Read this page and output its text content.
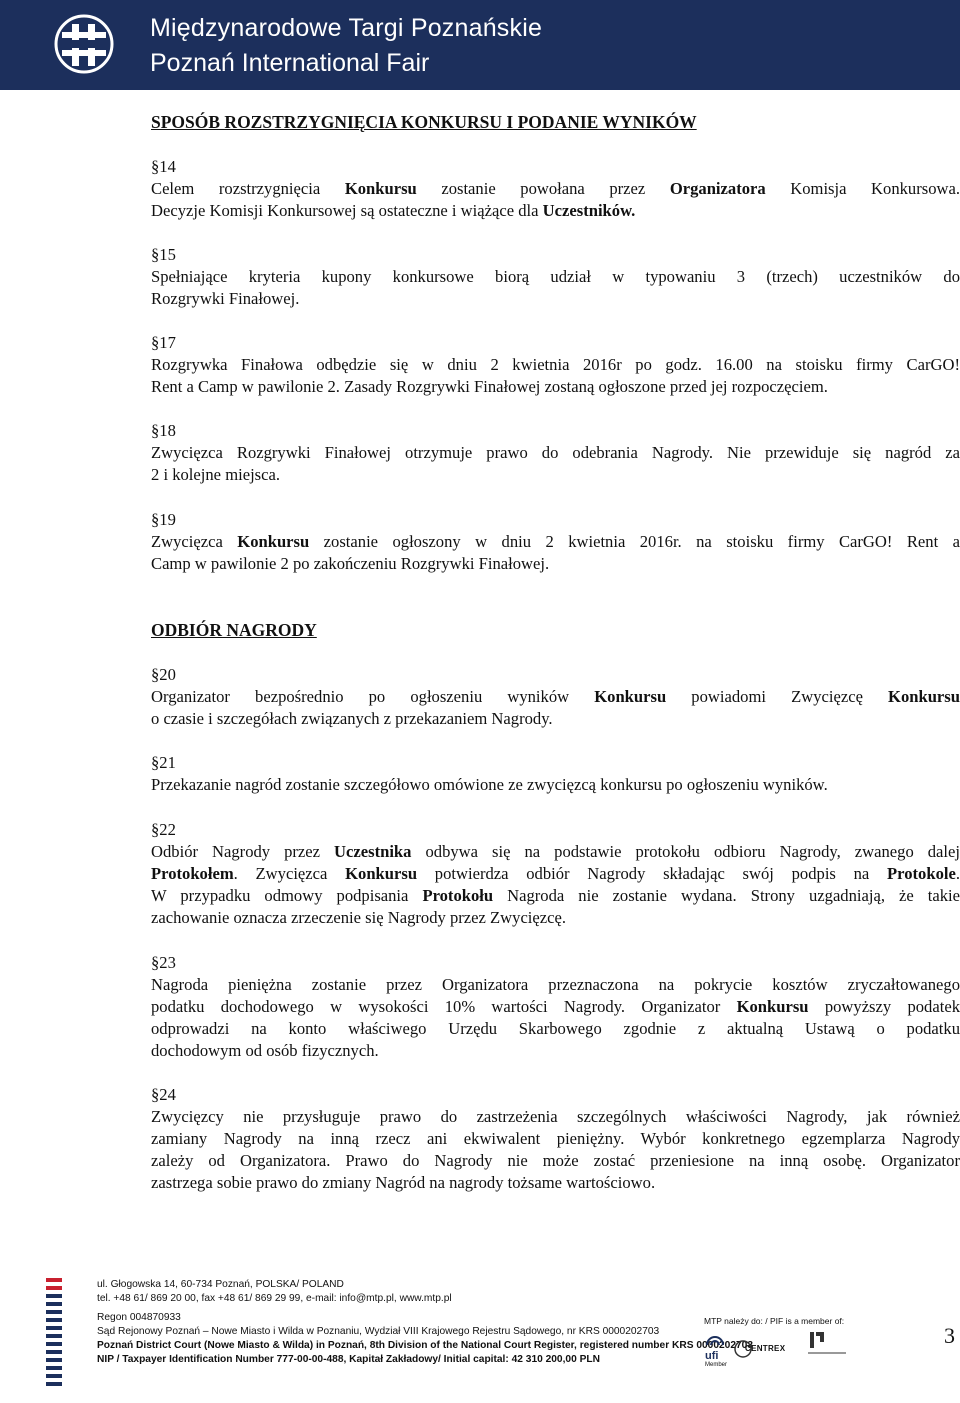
Międzynarodowe Targi Poznańskie
Poznań International Fair
SPOSÓB ROZSTRZYGNIĘCIA KONKURSU I PODANIE WYNIKÓW
§14
Celem rozstrzygnięcia Konkursu zostanie powołana przez Organizatora Komisja Konkursowa.
Decyzje Komisji Konkursowej są ostateczne i wiążące dla Uczestników.
§15
Spełniające kryteria kupony konkursowe biorą udział w typowaniu 3 (trzech) uczestników do
Rozgrywki Finałowej.
§17
Rozgrywka Finałowa odbędzie się w dniu 2 kwietnia 2016r po godz. 16.00 na stoisku firmy CarGO!
Rent a Camp w pawilonie 2. Zasady Rozgrywki Finałowej zostaną ogłoszone przed jej rozpoczęciem.
§18
Zwycięzca Rozgrywki Finałowej otrzymuje prawo do odebrania Nagrody. Nie przewiduje się nagród za
2 i kolejne miejsca.
§19
Zwycięzca Konkursu zostanie ogłoszony w dniu 2 kwietnia 2016r. na stoisku firmy CarGO! Rent a
Camp w pawilonie 2 po zakończeniu Rozgrywki Finałowej.
ODBIÓR NAGRODY
§20
Organizator bezpośrednio po ogłoszeniu wyników Konkursu powiadomi Zwycięzcę Konkursu
o czasie i szczegółach związanych z przekazaniem Nagrody.
§21
Przekazanie nagród zostanie szczegółowo omówione ze zwycięzcą konkursu po ogłoszeniu wyników.
§22
Odbiór Nagrody przez Uczestnika odbywa się na podstawie protokołu odbioru Nagrody, zwanego dalej
Protokołem. Zwycięzca Konkursu potwierdza odbiór Nagrody składając swój podpis na Protokole.
W przypadku odmowy podpisania Protokołu Nagroda nie zostanie wydana. Strony uzgadniają, że takie
zachowanie oznacza zrzeczenie się Nagrody przez Zwycięzcę.
§23
Nagroda pieniężna zostanie przez Organizatora przeznaczona na pokrycie kosztów zryczałtowanego
podatku dochodowego w wysokości 10% wartości Nagrody. Organizator Konkursu powyższy podatek
odprowadzi na konto właściwego Urzędu Skarbowego zgodnie z aktualną Ustawą o podatku
dochodowym od osób fizycznych.
§24
Zwycięzcy nie przysługuje prawo do zastrzeżenia szczególnych właściwości Nagrody, jak również
zamiany Nagrody na inną rzecz ani ekwiwalent pieniężny. Wybór konkretnego egzemplarza Nagrody
zależy od Organizatora. Prawo do Nagrody nie może zostać przeniesione na inną osobę. Organizator
zastrzega sobie prawo do zmiany Nagród na nagrody tożsame wartościowo.
ul. Głogowska 14, 60-734 Poznań, POLSKA/ POLAND
tel. +48 61/ 869 20 00, fax +48 61/ 869 29 99, e-mail: info@mtp.pl, www.mtp.pl
Regon 004870933
Sąd Rejonowy Poznań – Nowe Miasto i Wilda w Poznaniu, Wydział VIII Krajowego Rejestru Sądowego, nr KRS 0000202703
Poznań District Court (Nowe Miasto & Wilda) in Poznań, 8th Division of the National Court Register, registered number KRS 0000202703
NIP / Taxpayer Identification Number 777-00-00-488, Kapitał Zakładowy/ Initial capital: 42 310 200,00 PLN
MTP należy do: / PIF is a member of:
ufi
Member
CENTREX
3
